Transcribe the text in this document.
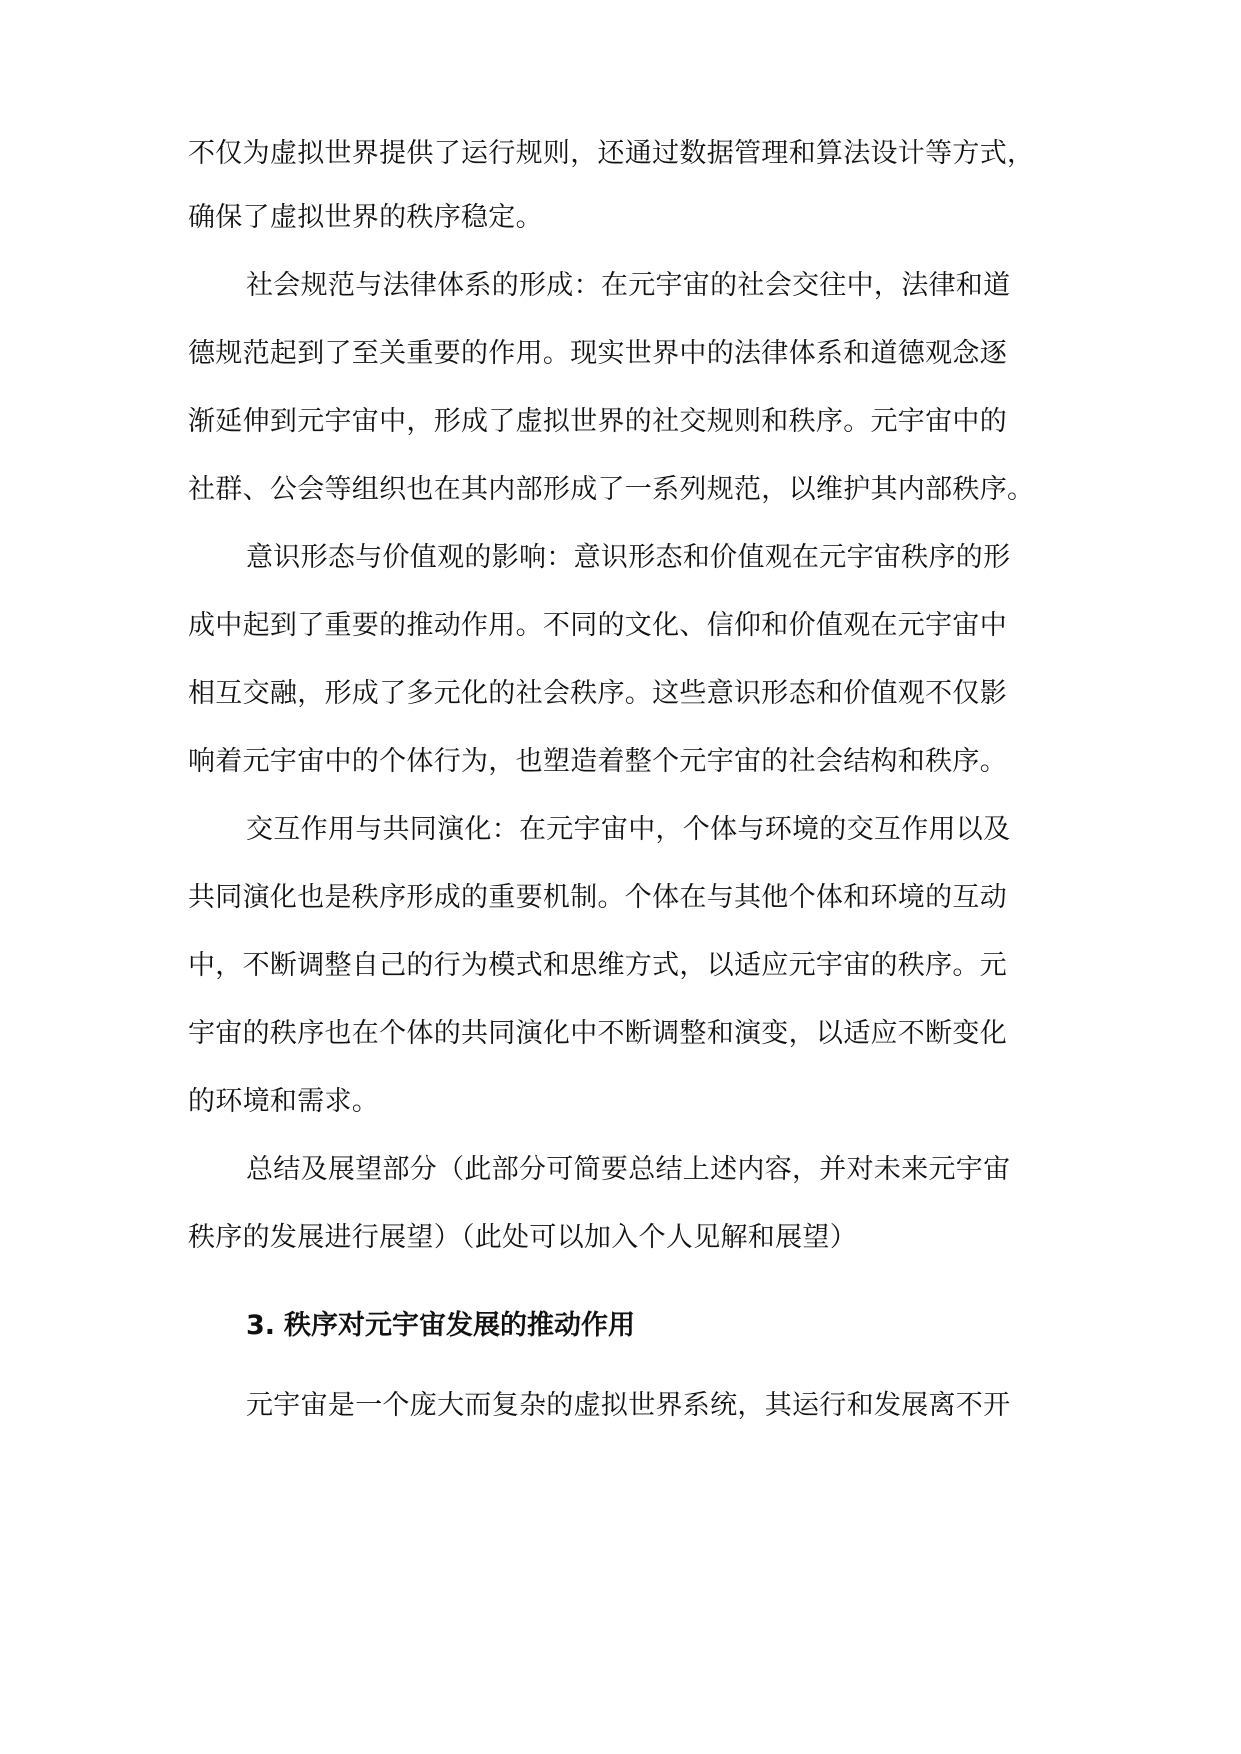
不仅为虚拟世界提供了运行规则，还通过数据管理和算法设计等方式，
确保了虚拟世界的秩序稳定。
社会规范与法律体系的形成：在元宇宙的社会交往中，法律和道
德规范起到了至关重要的作用。现实世界中的法律体系和道德观念逐
渐延伸到元宇宙中，形成了虚拟世界的社交规则和秩序。元宇宙中的
社群、公会等组织也在其内部形成了一系列规范，以维护其内部秩序。
意识形态与价值观的影响：意识形态和价值观在元宇宙秩序的形
成中起到了重要的推动作用。不同的文化、信仰和价值观在元宇宙中
相互交融，形成了多元化的社会秩序。这些意识形态和价值观不仅影
响着元宇宙中的个体行为，也塑造着整个元宇宙的社会结构和秩序。
交互作用与共同演化：在元宇宙中，个体与环境的交互作用以及
共同演化也是秩序形成的重要机制。个体在与其他个体和环境的互动
中，不断调整自己的行为模式和思维方式，以适应元宇宙的秩序。元
宇宙的秩序也在个体的共同演化中不断调整和演变，以适应不断变化
的环境和需求。
总结及展望部分（此部分可简要总结上述内容，并对未来元宇宙
秩序的发展进行展望）（此处可以加入个人见解和展望）
3. 秩序对元宇宙发展的推动作用
元宇宙是一个庞大而复杂的虚拟世界系统，其运行和发展离不开
